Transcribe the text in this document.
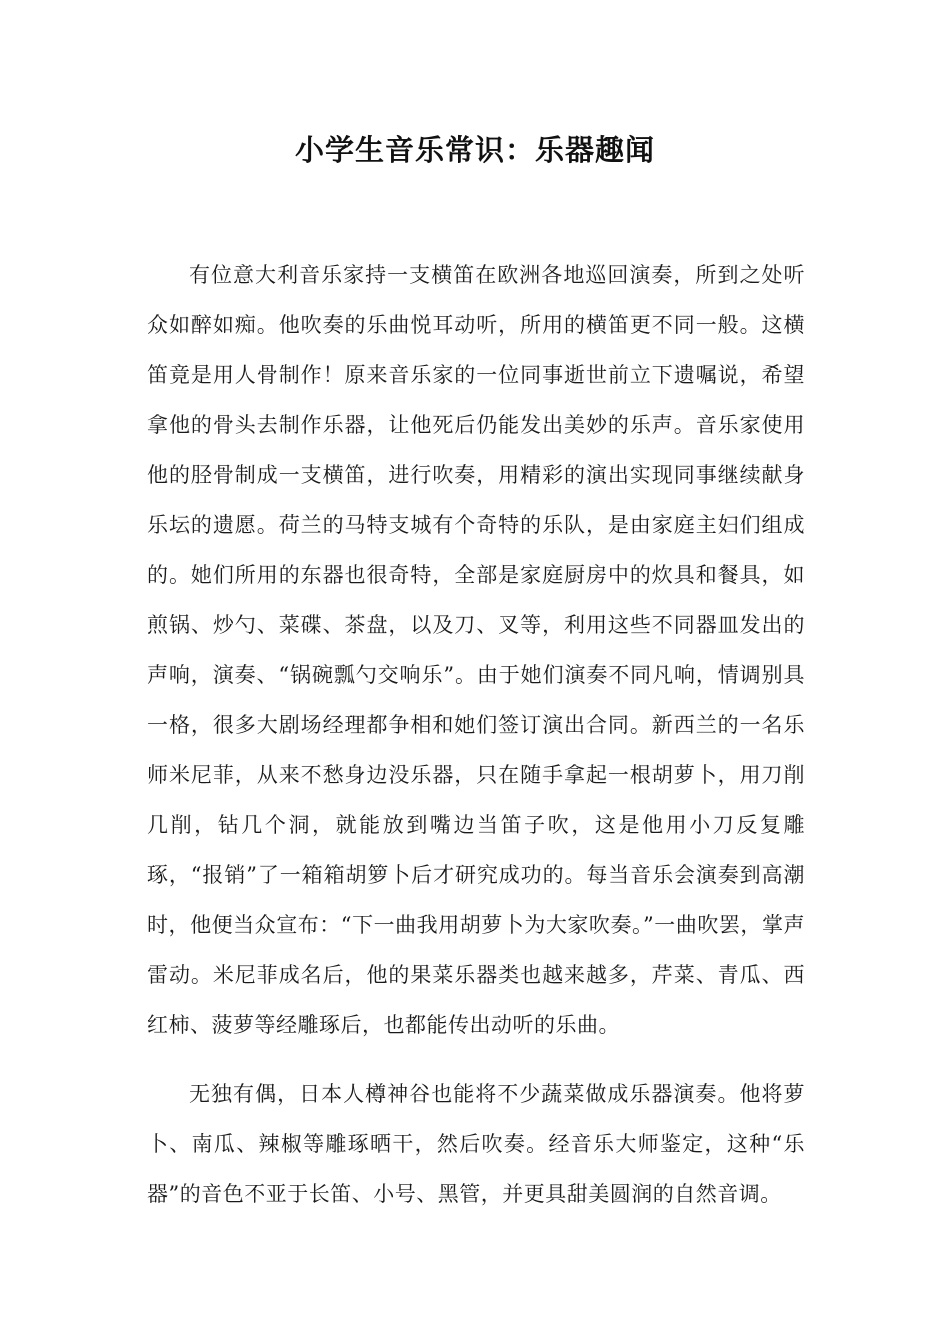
小学生音乐常识：乐器趣闻

有位意大利音乐家持一支横笛在欧洲各地巡回演奏，所到之处听众如醉如痴。他吹奏的乐曲悦耳动听，所用的横笛更不同一般。这横笛竟是用人骨制作！原来音乐家的一位同事逝世前立下遗嘱说，希望拿他的骨头去制作乐器，让他死后仍能发出美妙的乐声。音乐家使用他的胫骨制成一支横笛，进行吹奏，用精彩的演出实现同事继续献身乐坛的遗愿。荷兰的马特支城有个奇特的乐队，是由家庭主妇们组成的。她们所用的东器也很奇特，全部是家庭厨房中的炊具和餐具，如煎锅、炒勺、菜碟、茶盘，以及刀、叉等，利用这些不同器皿发出的声响，演奏、“锅碗瓢勺交响乐”。由于她们演奏不同凡响，情调别具一格，很多大剧场经理都争相和她们签订演出合同。新西兰的一名乐师米尼菲，从来不愁身边没乐器，只在随手拿起一根胡萝卜，用刀削几削，钻几个洞，就能放到嘴边当笛子吹，这是他用小刀反复雕琢，“报销”了一箱箱胡箩卜后才研究成功的。每当音乐会演奏到高潮时，他便当众宣布：“下一曲我用胡萝卜为大家吹奏。”一曲吹罢，掌声雷动。米尼菲成名后，他的果菜乐器类也越来越多，芹菜、青瓜、西红柿、菠萝等经雕琢后，也都能传出动听的乐曲。

无独有偶，日本人樽神谷也能将不少蔬菜做成乐器演奏。他将萝卜、南瓜、辣椒等雕琢晒干，然后吹奏。经音乐大师鉴定，这种“乐器”的音色不亚于长笛、小号、黑管，并更具甜美圆润的自然音调。
